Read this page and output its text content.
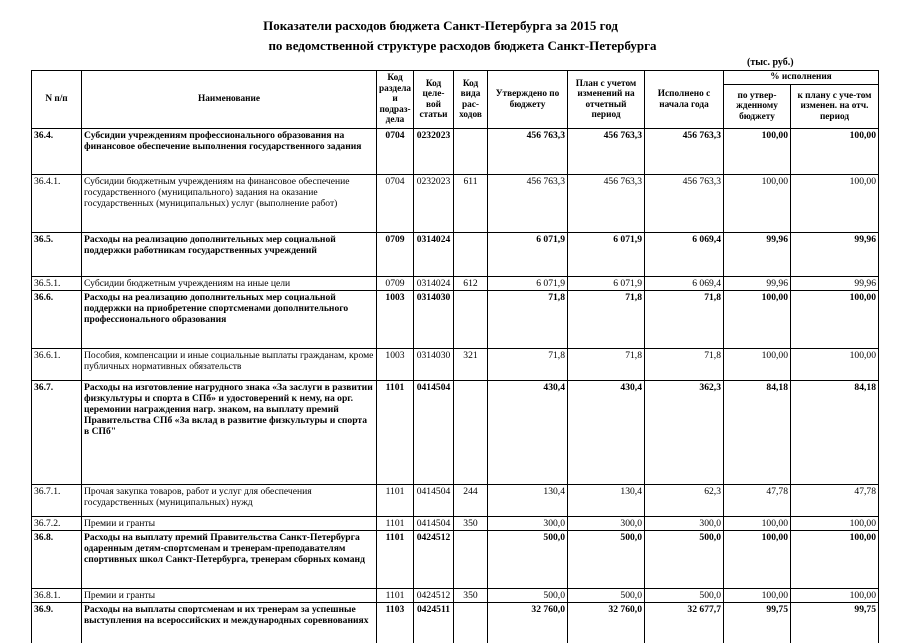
Показатели расходов бюджета Санкт-Петербурга за 2015 год
по ведомственной структуре расходов бюджета Санкт-Петербурга
(тыс. руб.)
N п/п	Наименование	Код раздела и подраз-дела	Код целе-вой статьи	Код вида рас-ходов	Утверждено по бюджету	План с учетом изменений на отчетный период	Исполнено с начала года	% исполнения	
								по утвер-жденному бюджету	к плану с уче-том изменен. на отч. период
36.4.	Субсидии учреждениям профессионального образования на финансовое обеспечение выполнения государственного задания	0704	0232023		456 763,3	456 763,3	456 763,3	100,00	100,00
36.4.1.	Субсидии бюджетным учреждениям на финансовое обеспечение государственного (муниципального) задания на оказание государственных (муниципальных) услуг (выполнение работ)	0704	0232023	611	456 763,3	456 763,3	456 763,3	100,00	100,00
36.5.	Расходы на реализацию дополнительных мер социальной поддержки работникам государственных учреждений	0709	0314024		6 071,9	6 071,9	6 069,4	99,96	99,96
36.5.1.	Субсидии бюджетным учреждениям на иные цели	0709	0314024	612	6 071,9	6 071,9	6 069,4	99,96	99,96
36.6.	Расходы на реализацию дополнительных мер социальной поддержки на приобретение спортсменами дополнительного профессионального образования	1003	0314030		71,8	71,8	71,8	100,00	100,00
36.6.1.	Пособия, компенсации и иные социальные выплаты гражданам, кроме публичных нормативных обязательств	1003	0314030	321	71,8	71,8	71,8	100,00	100,00
36.7.	Расходы на изготовление нагрудного знака «За заслуги в развитии физкультуры и спорта в СПб» и удостоверений к нему, на орг. церемонии награждения нагр. знаком, на выплату премий Правительства СПб «За вклад в развитие физкультуры и спорта в СПб"	1101	0414504		430,4	430,4	362,3	84,18	84,18
36.7.1.	Прочая закупка товаров, работ и услуг для обеспечения государственных (муниципальных) нужд	1101	0414504	244	130,4	130,4	62,3	47,78	47,78
36.7.2.	Премии и гранты	1101	0414504	350	300,0	300,0	300,0	100,00	100,00
36.8.	Расходы на выплату премий Правительства Санкт-Петербурга одаренным детям-спортсменам и тренерам-преподавателям спортивных школ Санкт-Петербурга, тренерам сборных команд	1101	0424512		500,0	500,0	500,0	100,00	100,00
36.8.1.	Премии и гранты	1101	0424512	350	500,0	500,0	500,0	100,00	100,00
36.9.	Расходы на выплаты спортсменам и их тренерам за успешные выступления на всероссийских и международных соревнованиях	1103	0424511		32 760,0	32 760,0	32 677,7	99,75	99,75
